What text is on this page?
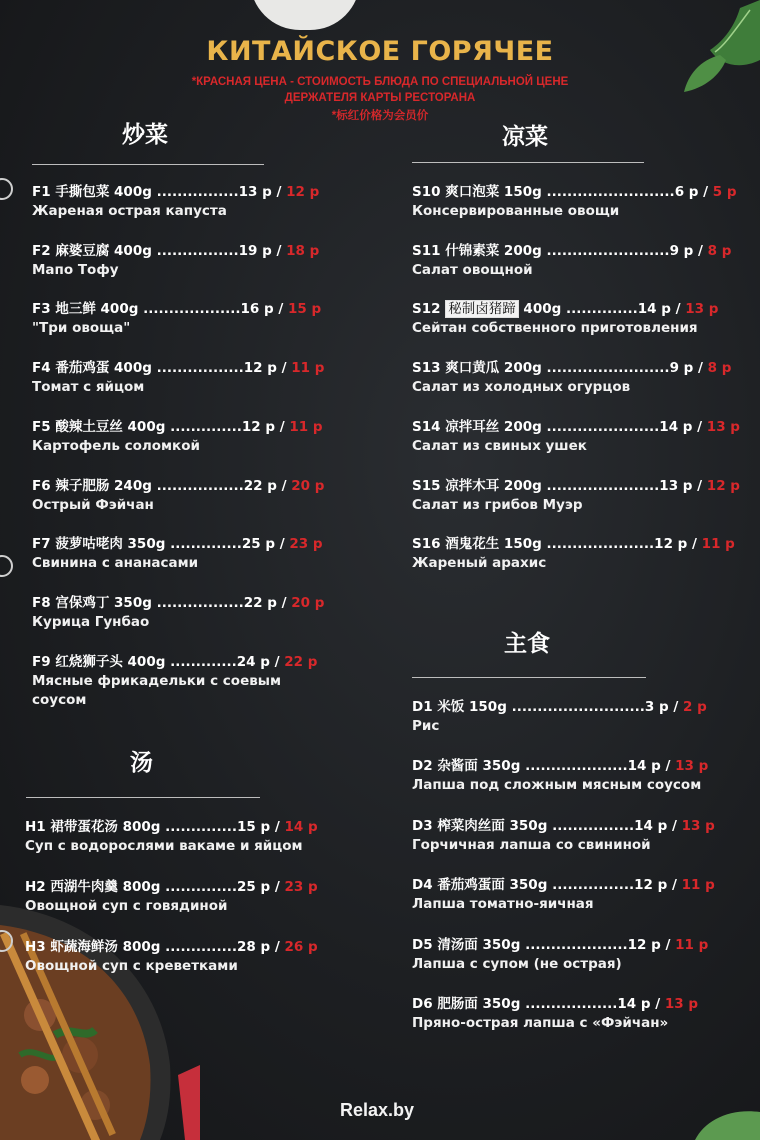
КИТАЙСКОЕ ГОРЯЧЕЕ
*КРАСНАЯ ЦЕНА - СТОИМОСТЬ БЛЮДА ПО СПЕЦИАЛЬНОЙ ЦЕНЕ
ДЕРЖАТЕЛЯ КАРТЫ РЕСТОРАНА
*标红价格为会员价
炒菜	凉菜
汤
主食
F1 手撕包菜 400g ................13 р / 12 р
Жареная острая капуста
F2 麻婆豆腐 400g ................19 р / 18 р
Мапо Тофу
F3 地三鲜 400g ...................16 р / 15 р
"Три овоща"
F4 番茄鸡蛋 400g .................12 р / 11 р
Томат с яйцом
F5 酸辣土豆丝 400g ..............12 р / 11 р
Картофель соломкой
F6 辣子肥肠 240g .................22 р / 20 р
Острый Фэйчан
F7 菠萝咕咾肉 350g ..............25 р / 23 р
Свинина с ананасами
F8 宫保鸡丁 350g .................22 р / 20 р
Курица Гунбао
F9 红烧狮子头 400g .............24 р / 22 р
Мясные фрикадельки с соевым соусом
H1 裙带蛋花汤 800g ..............15 р / 14 р
Суп с водорослями вакаме и яйцом
H2 西湖牛肉羹 800g ..............25 р / 23 р
Овощной суп с говядиной
H3 虾蔬海鲜汤 800g ..............28 р / 26 р
Овощной суп с креветками
S10 爽口泡菜 150g .........................6 р / 5 р
Консервированные овощи
S11 什锦素菜 200g ........................9 р / 8 р
Салат овощной
S12 秘制卤猪蹄 400g ..............14 р / 13 р
Сейтан собственного приготовления
S13 爽口黄瓜 200g ........................9 р / 8 р
Салат из холодных огурцов
S14 凉拌耳丝 200g ......................14 р / 13 р
Салат из свиных ушек
S15 凉拌木耳 200g ......................13 р / 12 р
Салат из грибов Муэр
S16 酒鬼花生 150g .....................12 р / 11 р
Жареный арахис
D1 米饭 150g ..........................3 р / 2 р
Рис
D2 杂酱面 350g ....................14 р / 13 р
Лапша под сложным мясным соусом
D3 榨菜肉丝面 350g ................14 р / 13 р
Горчичная лапша со свининой
D4 番茄鸡蛋面 350g ................12 р / 11 р
Лапша томатно-яичная
D5 清汤面 350g ....................12 р / 11 р
Лапша с супом (не острая)
D6 肥肠面 350g ..................14 р / 13 р
Пряно-острая лапша с «Фэйчан»
Relax.by
